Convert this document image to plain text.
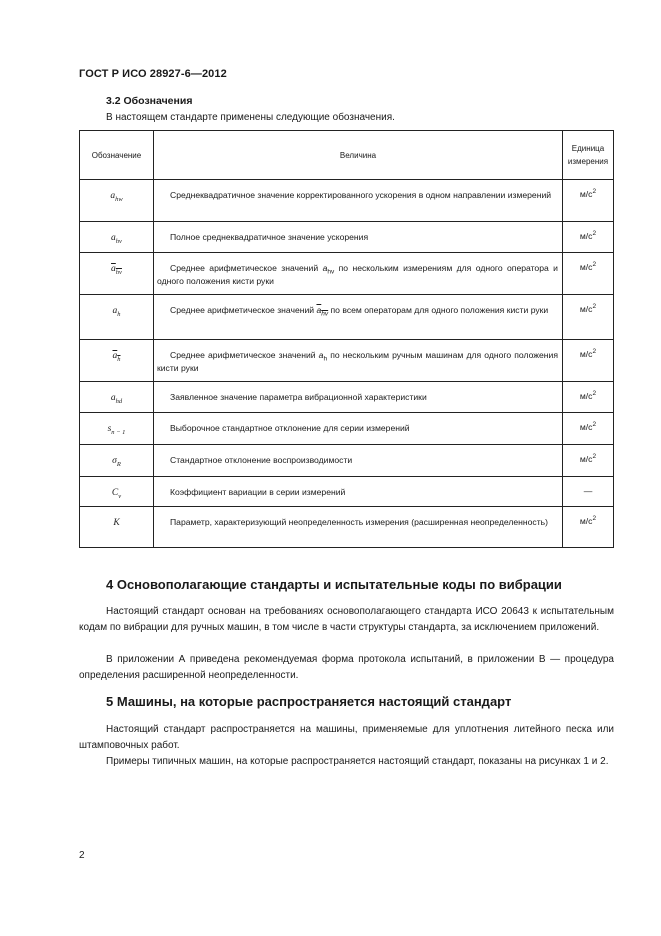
ГОСТ Р ИСО 28927-6—2012
3.2 Обозначения
В настоящем стандарте применены следующие обозначения.
Обозначение	Величина	Единица измерения
$a_{hw}$	Среднеквадратичное значение корректированного ускорения в одном направлении измерений	$м/с^2$
$a_{hv}$	Полное среднеквадратичное значение ускорения	$м/с^2$
$a_{hv}$	Среднее арифметическое значений $a_{hv}$ по нескольким измерениям для одного оператора и одного положения кисти руки	$м/с^2$
$a_h$	Среднее арифметическое значений $a_{hv}$ по всем операторам для одного положения кисти руки	$м/с^2$
$a_h$	Среднее арифметическое значений $a_h$ по нескольким ручным машинам для одного положения кисти руки	$м/с^2$
$a_{hd}$	Заявленное значение параметра вибрационной характеристики	$м/с^2$
$s_{n - 1}$	Выборочное стандартное отклонение для серии измерений	$м/с^2$
$\sigma_R$	Стандартное отклонение воспроизводимости	$м/с^2$
$C_v$	Коэффициент вариации в серии измерений	—
K	Параметр, характеризующий неопределенность измерения (расширенная неопределенность)	$м/с^2$
4 Основополагающие стандарты и испытательные коды по вибрации
Настоящий стандарт основан на требованиях основополагающего стандарта ИСО 20643 к испытательным кодам по вибрации для ручных машин, в том числе в части структуры стандарта, за исключением приложений.
В приложении А приведена рекомендуемая форма протокола испытаний, в приложении В — процедура определения расширенной неопределенности.
5 Машины, на которые распространяется настоящий стандарт
Настоящий стандарт распространяется на машины, применяемые для уплотнения литейного песка или штамповочных работ.
Примеры типичных машин, на которые распространяется настоящий стандарт, показаны на рисунках 1 и 2.
2
